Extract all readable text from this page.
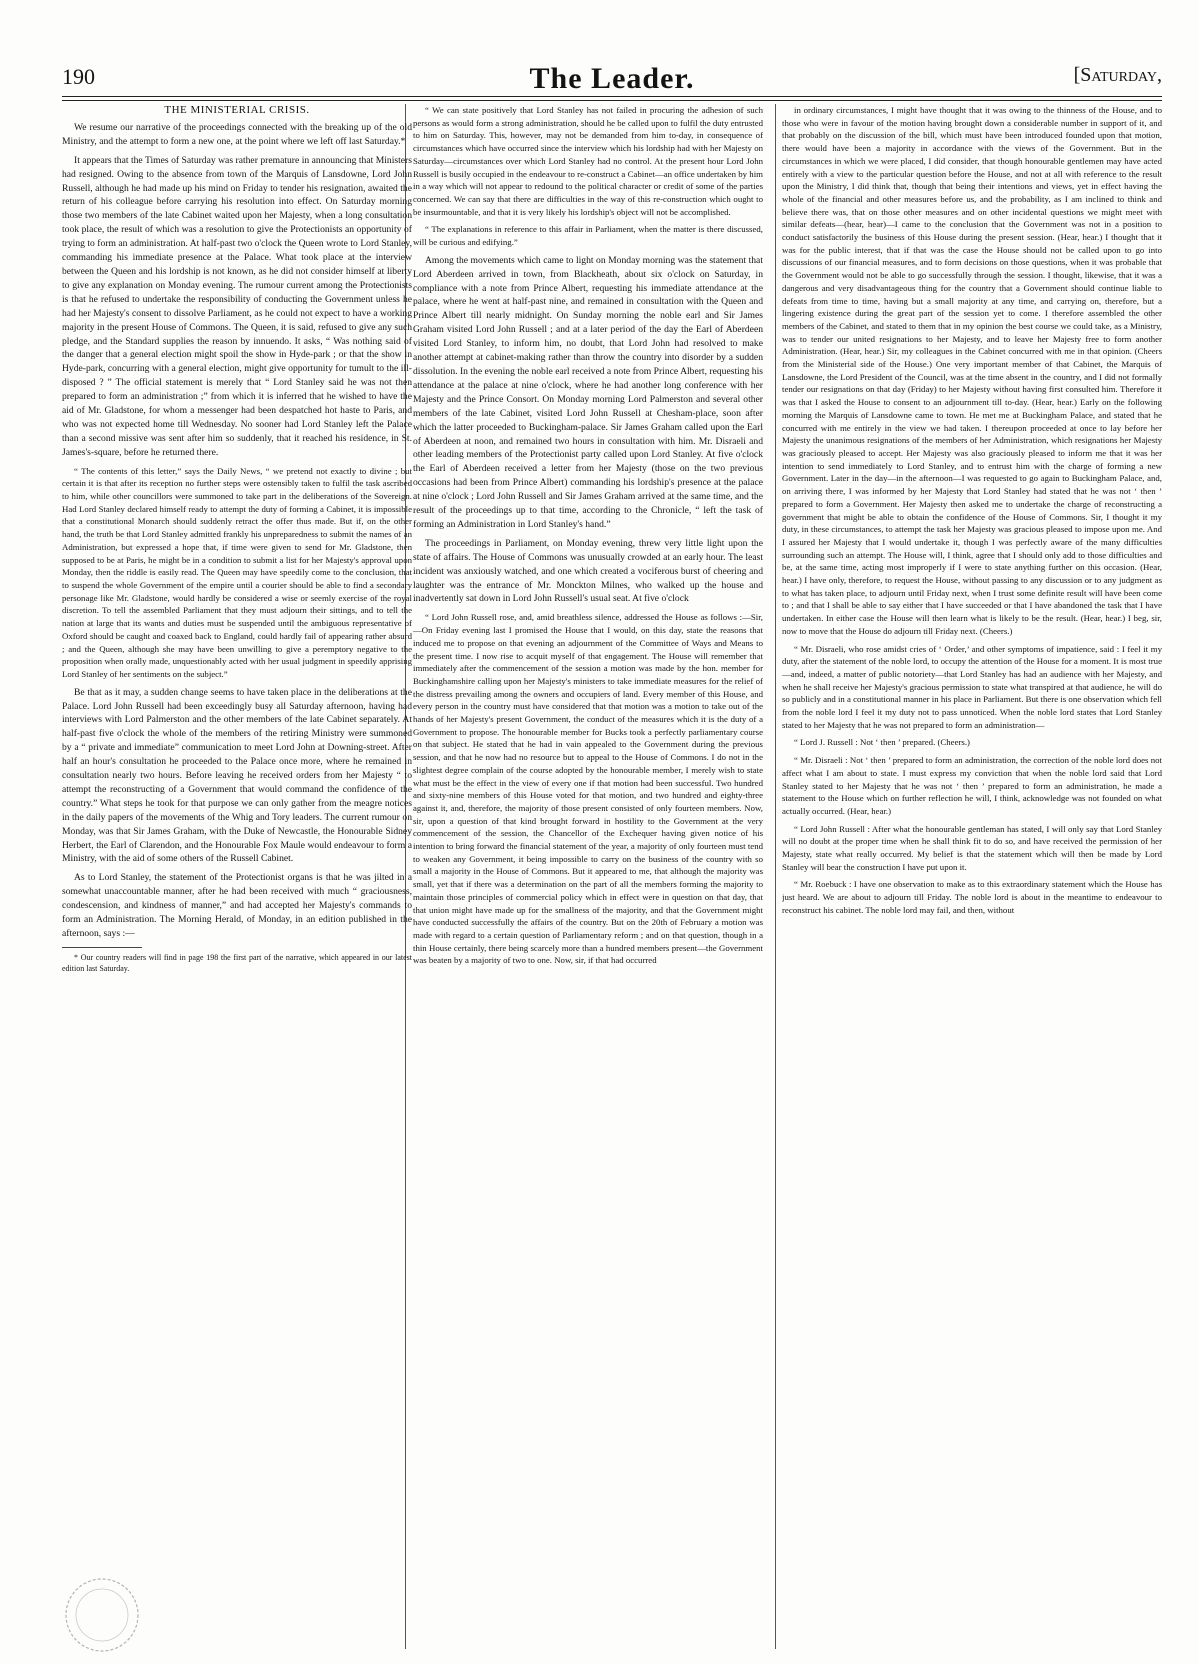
190	The Leader.	[Saturday,
THE MINISTERIAL CRISIS.

We resume our narrative of the proceedings connected with the breaking up of the old Ministry, and the attempt to form a new one, at the point where we left off last Saturday.*

It appears that the Times of Saturday was rather premature in announcing that Ministers had resigned. Owing to the absence from town of the Marquis of Lansdowne, Lord John Russell, although he had made up his mind on Friday to tender his resignation, awaited the return of his colleague before carrying his resolution into effect. On Saturday morning those two members of the late Cabinet waited upon her Majesty, when a long consultation took place, the result of which was a resolution to give the Protectionists an opportunity of trying to form an administration. At half-past two o'clock the Queen wrote to Lord Stanley, commanding his immediate presence at the Palace. What took place at the interview between the Queen and his lordship is not known, as he did not consider himself at liberty to give any explanation on Monday evening. The rumour current among the Protectionists is that he refused to undertake the responsibility of conducting the Government unless he had her Majesty's consent to dissolve Parliament, as he could not expect to have a working majority in the present House of Commons. The Queen, it is said, refused to give any such pledge, and the Standard supplies the reason by innuendo. It asks, “ Was nothing said of the danger that a general election might spoil the show in Hyde-park ; or that the show in Hyde-park, concurring with a general election, might give opportunity for tumult to the ill-disposed ? ” The official statement is merely that “ Lord Stanley said he was not then prepared to form an administration ;” from which it is inferred that he wished to have the aid of Mr. Gladstone, for whom a messenger had been despatched hot haste to Paris, and who was not expected home till Wednesday. No sooner had Lord Stanley left the Palace than a second missive was sent after him so suddenly, that it reached his residence, in St. James's-square, before he returned there.

“ The contents of this letter,” says the Daily News, “ we pretend not exactly to divine ; but certain it is that after its reception no further steps were ostensibly taken to fulfil the task ascribed to him, while other councillors were summoned to take part in the deliberations of the Sovereign. Had Lord Stanley declared himself ready to attempt the duty of forming a Cabinet, it is impossible that a constitutional Monarch should suddenly retract the offer thus made. But if, on the other hand, the truth be that Lord Stanley admitted frankly his unpreparedness to submit the names of an Administration, but expressed a hope that, if time were given to send for Mr. Gladstone, then supposed to be at Paris, he might be in a condition to submit a list for her Majesty's approval upon Monday, then the riddle is easily read. The Queen may have speedily come to the conclusion, that to suspend the whole Government of the empire until a courier should be able to find a secondary personage like Mr. Gladstone, would hardly be considered a wise or seemly exercise of the royal discretion. To tell the assembled Parliament that they must adjourn their sittings, and to tell the nation at large that its wants and duties must be suspended until the ambiguous representative of Oxford should be caught and coaxed back to England, could hardly fail of appearing rather absurd ; and the Queen, although she may have been unwilling to give a peremptory negative to the proposition when orally made, unquestionably acted with her usual judgment in speedily apprising Lord Stanley of her sentiments on the subject.”

Be that as it may, a sudden change seems to have taken place in the deliberations at the Palace. Lord John Russell had been exceedingly busy all Saturday afternoon, having had interviews with Lord Palmerston and the other members of the late Cabinet separately. At half-past five o'clock the whole of the members of the retiring Ministry were summoned by a “ private and immediate” communication to meet Lord John at Downing-street. After half an hour's consultation he proceeded to the Palace once more, where he remained in consultation nearly two hours. Before leaving he received orders from her Majesty “ to attempt the reconstructing of a Government that would command the confidence of the country.” What steps he took for that purpose we can only gather from the meagre notices in the daily papers of the movements of the Whig and Tory leaders. The current rumour on Monday, was that Sir James Graham, with the Duke of Newcastle, the Honourable Sidney Herbert, the Earl of Clarendon, and the Honourable Fox Maule would endeavour to form a Ministry, with the aid of some others of the Russell Cabinet.

As to Lord Stanley, the statement of the Protectionist organs is that he was jilted in a somewhat unaccountable manner, after he had been received with much “ graciousness, condescension, and kindness of manner,” and had accepted her Majesty's commands to form an Administration. The Morning Herald, of Monday, in an edition published in the afternoon, says :—

* Our country readers will find in page 198 the first part of the narrative, which appeared in our latest edition last Saturday.

“ We can state positively that Lord Stanley has not failed in procuring the adhesion of such persons as would form a strong administration, should he be called upon to fulfil the duty entrusted to him on Saturday. This, however, may not be demanded from him to-day, in consequence of circumstances which have occurred since the interview which his lordship had with her Majesty on Saturday—circumstances over which Lord Stanley had no control. At the present hour Lord John Russell is busily occupied in the endeavour to re-construct a Cabinet—an office undertaken by him in a way which will not appear to redound to the political character or credit of some of the parties concerned. We can say that there are difficulties in the way of this re-construction which ought to be insurmountable, and that it is very likely his lordship's object will not be accomplished.

“ The explanations in reference to this affair in Parliament, when the matter is there discussed, will be curious and edifying.”

Among the movements which came to light on Monday morning was the statement that Lord Aberdeen arrived in town, from Blackheath, about six o'clock on Saturday, in compliance with a note from Prince Albert, requesting his immediate attendance at the palace, where he went at half-past nine, and remained in consultation with the Queen and Prince Albert till nearly midnight. On Sunday morning the noble earl and Sir James Graham visited Lord John Russell ; and at a later period of the day the Earl of Aberdeen visited Lord Stanley, to inform him, no doubt, that Lord John had resolved to make another attempt at cabinet-making rather than throw the country into disorder by a sudden dissolution. In the evening the noble earl received a note from Prince Albert, requesting his attendance at the palace at nine o'clock, where he had another long conference with her Majesty and the Prince Consort. On Monday morning Lord Palmerston and several other members of the late Cabinet, visited Lord John Russell at Chesham-place, soon after which the latter proceeded to Buckingham-palace. Sir James Graham called upon the Earl of Aberdeen at noon, and remained two hours in consultation with him. Mr. Disraeli and other leading members of the Protectionist party called upon Lord Stanley. At five o'clock the Earl of Aberdeen received a letter from her Majesty (those on the two previous occasions had been from Prince Albert) commanding his lordship's presence at the palace at nine o'clock ; Lord John Russell and Sir James Graham arrived at the same time, and the result of the proceedings up to that time, according to the Chronicle, “ left the task of forming an Administration in Lord Stanley's hand.”

The proceedings in Parliament, on Monday evening, threw very little light upon the state of affairs. The House of Commons was unusually crowded at an early hour. The least incident was anxiously watched, and one which created a vociferous burst of cheering and laughter was the entrance of Mr. Monckton Milnes, who walked up the house and inadvertently sat down in Lord John Russell's usual seat. At five o'clock

“ Lord John Russell rose, and, amid breathless silence, addressed the House as follows :—Sir,—On Friday evening last I promised the House that I would, on this day, state the reasons that induced me to propose on that evening an adjournment of the Committee of Ways and Means to the present time. I now rise to acquit myself of that engagement. The House will remember that immediately after the commencement of the session a motion was made by the hon. member for Buckinghamshire calling upon her Majesty's ministers to take immediate measures for the relief of the distress prevailing among the owners and occupiers of land. Every member of this House, and every person in the country must have considered that that motion was a motion to take out of the hands of her Majesty's present Government, the conduct of the measures which it is the duty of a Government to propose. The honourable member for Bucks took a perfectly parliamentary course on that subject. He stated that he had in vain appealed to the Government during the previous session, and that he now had no resource but to appeal to the House of Commons. I do not in the slightest degree complain of the course adopted by the honourable member, I merely wish to state what must be the effect in the view of every one if that motion had been successful. Two hundred and sixty-nine members of this House voted for that motion, and two hundred and eighty-three against it, and, therefore, the majority of those present consisted of only fourteen members. Now, sir, upon a question of that kind brought forward in hostility to the Government at the very commencement of the session, the Chancellor of the Exchequer having given notice of his intention to bring forward the financial statement of the year, a majority of only fourteen must tend to weaken any Government, it being impossible to carry on the business of the country with so small a majority in the House of Commons. But it appeared to me, that although the majority was small, yet that if there was a determination on the part of all the members forming the majority to maintain those principles of commercial policy which in effect were in question on that day, that that union might have made up for the smallness of the majority, and that the Government might have conducted successfully the affairs of the country. But on the 20th of February a motion was made with regard to a certain question of Parliamentary reform ; and on that question, though in a thin House certainly, there being scarcely more than a hundred members present—the Government was beaten by a majority of two to one. Now, sir, if that had occurred

in ordinary circumstances, I might have thought that it was owing to the thinness of the House, and to those who were in favour of the motion having brought down a considerable number in support of it, and that probably on the discussion of the bill, which must have been introduced founded upon that motion, there would have been a majority in accordance with the views of the Government. But in the circumstances in which we were placed, I did consider, that though honourable gentlemen may have acted entirely with a view to the particular question before the House, and not at all with reference to the result upon the Ministry, I did think that, though that being their intentions and views, yet in effect having the whole of the financial and other measures before us, and the probability, as I am inclined to think and believe there was, that on those other measures and on other incidental questions we might meet with similar defeats—(hear, hear)—I came to the conclusion that the Government was not in a position to conduct satisfactorily the business of this House during the present session. (Hear, hear.) I thought that it was for the public interest, that if that was the case the House should not be called upon to go into discussions of our financial measures, and to form decisions on those questions, when it was probable that the Government would not be able to go successfully through the session. I thought, likewise, that it was a dangerous and very disadvantageous thing for the country that a Government should continue liable to defeats from time to time, having but a small majority at any time, and carrying on, therefore, but a lingering existence during the great part of the session yet to come. I therefore assembled the other members of the Cabinet, and stated to them that in my opinion the best course we could take, as a Ministry, was to tender our united resignations to her Majesty, and to leave her Majesty free to form another Administration. (Hear, hear.) Sir, my colleagues in the Cabinet concurred with me in that opinion. (Cheers from the Ministerial side of the House.) One very important member of that Cabinet, the Marquis of Lansdowne, the Lord President of the Council, was at the time absent in the country, and I did not formally tender our resignations on that day (Friday) to her Majesty without having first consulted him. Therefore it was that I asked the House to consent to an adjournment till to-day. (Hear, hear.) Early on the following morning the Marquis of Lansdowne came to town. He met me at Buckingham Palace, and stated that he concurred with me entirely in the view we had taken. I thereupon proceeded at once to lay before her Majesty the unanimous resignations of the members of her Administration, which resignations her Majesty was graciously pleased to accept. Her Majesty was also graciously pleased to inform me that it was her intention to send immediately to Lord Stanley, and to entrust him with the charge of forming a new Government. Later in the day—in the afternoon—I was requested to go again to Buckingham Palace, and, on arriving there, I was informed by her Majesty that Lord Stanley had stated that he was not ‘ then ’ prepared to form a Government. Her Majesty then asked me to undertake the charge of reconstructing a government that might be able to obtain the confidence of the House of Commons. Sir, I thought it my duty, in these circumstances, to attempt the task her Majesty was gracious pleased to impose upon me. And I assured her Majesty that I would undertake it, though I was perfectly aware of the many difficulties surrounding such an attempt. The House will, I think, agree that I should only add to those difficulties and be, at the same time, acting most improperly if I were to state anything further on this occasion. (Hear, hear.) I have only, therefore, to request the House, without passing to any discussion or to any judgment as to what has taken place, to adjourn until Friday next, when I trust some definite result will have been come to ; and that I shall be able to say either that I have succeeded or that I have abandoned the task that I have undertaken. In either case the House will then learn what is likely to be the result. (Hear, hear.) I beg, sir, now to move that the House do adjourn till Friday next. (Cheers.)

“ Mr. Disraeli, who rose amidst cries of ‘ Order,’ and other symptoms of impatience, said : I feel it my duty, after the statement of the noble lord, to occupy the attention of the House for a moment. It is most true—and, indeed, a matter of public notoriety—that Lord Stanley has had an audience with her Majesty, and when he shall receive her Majesty's gracious permission to state what transpired at that audience, he will do so publicly and in a constitutional manner in his place in Parliament. But there is one observation which fell from the noble lord I feel it my duty not to pass unnoticed. When the noble lord states that Lord Stanley stated to her Majesty that he was not prepared to form an administration—

“ Lord J. Russell : Not ‘ then ’ prepared. (Cheers.)

“ Mr. Disraeli : Not ‘ then ’ prepared to form an administration, the correction of the noble lord does not affect what I am about to state. I must express my conviction that when the noble lord said that Lord Stanley stated to her Majesty that he was not ‘ then ’ prepared to form an administration, he made a statement to the House which on further reflection he will, I think, acknowledge was not founded on what actually occurred. (Hear, hear.)

“ Lord John Russell : After what the honourable gentleman has stated, I will only say that Lord Stanley will no doubt at the proper time when he shall think fit to do so, and have received the permission of her Majesty, state what really occurred. My belief is that the statement which will then be made by Lord Stanley will bear the construction I have put upon it.

“ Mr. Roebuck : I have one observation to make as to this extraordinary statement which the House has just heard. We are about to adjourn till Friday. The noble lord is about in the meantime to endeavour to reconstruct his cabinet. The noble lord may fail, and then, without
